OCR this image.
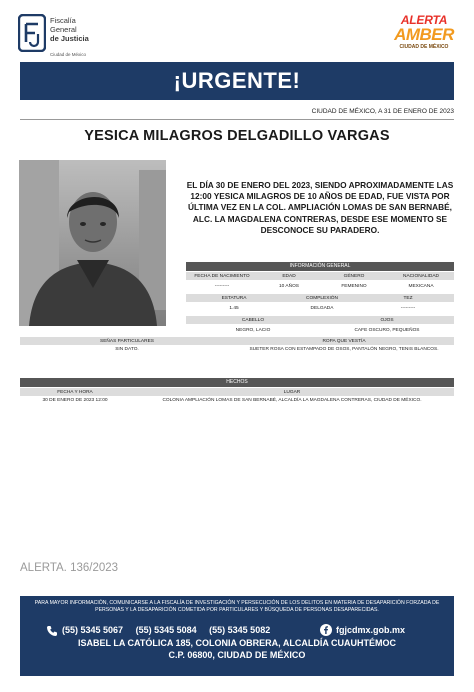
Fiscalía
General
de Justicia
Ciudad de México
ALERTA
AMBER
CIUDAD DE MÉXICO
¡URGENTE!
CIUDAD DE MÉXICO, A 31 DE ENERO DE 2023
YESICA MILAGROS DELGADILLO VARGAS
EL DÍA 30 DE ENERO DEL 2023, SIENDO APROXIMADAMENTE LAS 12:00 YESICA MILAGROS DE 10 AÑOS DE EDAD, FUE VISTA POR ÚLTIMA VEZ EN LA COL. AMPLIACIÓN LOMAS DE SAN BERNABÉ, ALC. LA MAGDALENA CONTRERAS, DESDE ESE MOMENTO SE DESCONOCE SU PARADERO.
INFORMACIÓN GENERAL
FECHA DE NACIMIENTO	EDAD	GÉNERO	NACIONALIDAD
---------	10 AÑOS	FEMENINO	MEXICANA
ESTATURA	COMPLEXIÓN	TEZ
1.45	DELGADA	---------
CABELLO	OJOS
NEGRO, LACIO	CAFE OSCURO, PEQUEÑOS
SEÑAS PARTICULARES	ROPA QUE VESTÍA
SIN DATO.	SUETER ROSA CON ESTAMPADO DE OSOS, PANTALÓN NEGRO, TENIS BLANCOS.
HECHOS
FECHA Y HORA	LUGAR
30 DE ENERO DE 2023 12:00	COLONIA AMPLIACIÓN LOMAS DE SAN BERNABÉ, ALCALDÍA LA MAGDALENA CONTRERAS, CIUDAD DE MÉXICO.
ALERTA. 136/2023
PARA MAYOR INFORMACIÓN, COMUNICARSE A LA FISCALÍA DE INVESTIGACIÓN Y PERSECUCIÓN DE LOS DELITOS EN MATERIA DE DESAPARICIÓN FORZADA DE PERSONAS Y LA DESAPARICIÓN COMETIDA POR PARTICULARES Y BÚSQUEDA DE PERSONAS DESAPARECIDAS.
(55) 5345 5067 (55) 5345 5084 (55) 5345 5082	fgjcdmx.gob.mx
ISABEL LA CATÓLICA 185, COLONIA OBRERA, ALCALDÍA CUAUHTÉMOC
C.P. 06800, CIUDAD DE MÉXICO
